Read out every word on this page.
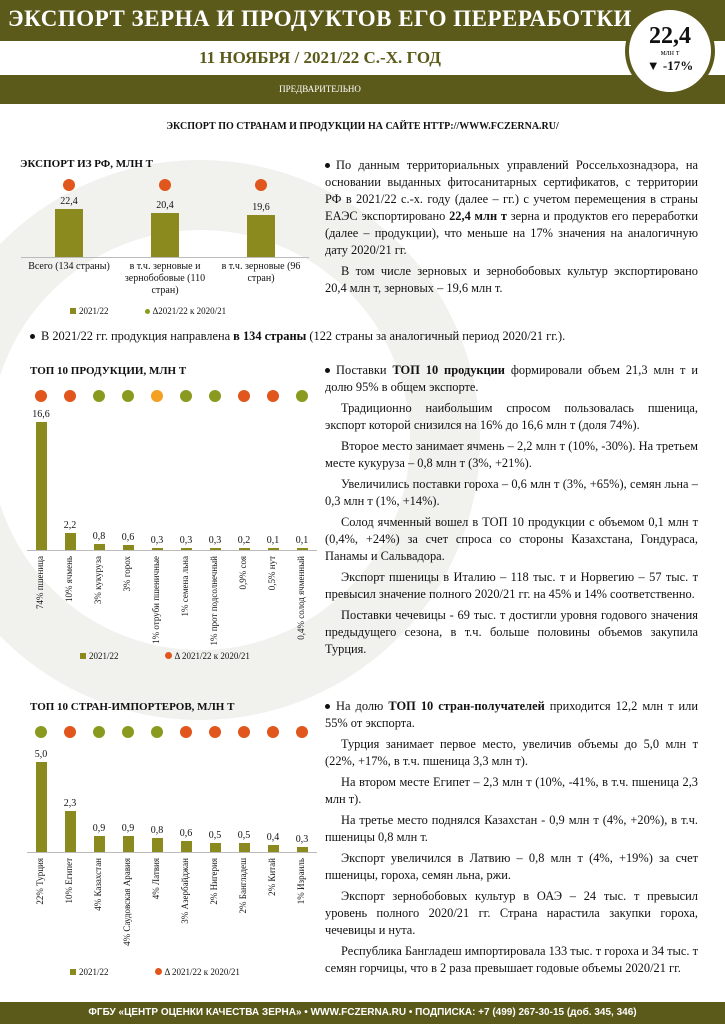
ЭКСПОРТ ЗЕРНА И ПРОДУКТОВ ЕГО ПЕРЕРАБОТКИ
11 НОЯБРЯ / 2021/22 С.-Х. ГОД
ПРЕДВАРИТЕЛЬНО
22,4
млн т
▼ -17%
ЭКСПОРТ ПО СТРАНАМ И ПРОДУКЦИИ НА САЙТЕ HTTP://WWW.FCZERNA.RU/
ЭКСПОРТ ИЗ РФ, МЛН Т
2021/22	Δ2021/22 к 2020/21

По данным территориальных управлений Россельхознадзора, на основании выданных фитосанитарных сертификатов, с территории РФ в 2021/22 с.-х. году (далее – гг.) с учетом перемещения в страны ЕАЭС экспортировано 22,4 млн т зерна и продуктов его переработки (далее – продукции), что меньше на 17% значения на аналогичную дату 2020/21 гг.

В том числе зерновых и зернобобовых культур экспортировано 20,4 млн т, зерновых – 19,6 млн т.

В 2021/22 гг. продукция направлена в 134 страны (122 страны за аналогичный период 2020/21 гг.).
ТОП 10 ПРОДУКЦИИ, МЛН Т
2021/22	Δ 2021/22 к 2020/21

Поставки ТОП 10 продукции формировали объем 21,3 млн т и долю 95% в общем экспорте.

Традиционно наибольшим спросом пользовалась пшеница, экспорт которой снизился на 16% до 16,6 млн т (доля 74%).

Второе место занимает ячмень – 2,2 млн т (10%, -30%). На третьем месте кукуруза – 0,8 млн т (3%, +21%).

Увеличились поставки гороха – 0,6 млн т (3%, +65%), семян льна – 0,3 млн т (1%, +14%).

Солод ячменный вошел в ТОП 10 продукции с объемом 0,1 млн т (0,4%, +24%) за счет спроса со стороны Казахстана, Гондураса, Панамы и Сальвадора.

Экспорт пшеницы в Италию – 118 тыс. т и Норвегию – 57 тыс. т превысил значение полного 2020/21 гг. на 45% и 14% соответственно.

Поставки чечевицы - 69 тыс. т достигли уровня годового значения предыдущего сезона, в т.ч. больше половины объемов закупила Турция.

ТОП 10 СТРАН-ИМПОРТЕРОВ, МЛН Т
2021/22	Δ 2021/22 к 2020/21

На долю ТОП 10 стран-получателей приходится 12,2 млн т или 55% от экспорта.

Турция занимает первое место, увеличив объемы до 5,0 млн т (22%, +17%, в т.ч. пшеница 3,3 млн т).

На втором месте Египет – 2,3 млн т (10%, -41%, в т.ч. пшеница 2,3 млн т).

На третье место поднялся Казахстан - 0,9 млн т (4%, +20%), в т.ч. пшеницы 0,8 млн т.

Экспорт увеличился в Латвию – 0,8 млн т (4%, +19%) за счет пшеницы, гороха, семян льна, ржи.

Экспорт зернобобовых культур в ОАЭ – 24 тыс. т превысил уровень полного 2020/21 гг. Страна нарастила закупки гороха, чечевицы и нута.

Республика Бангладеш импортировала 133 тыс. т гороха и 34 тыс. т семян горчицы, что в 2 раза превышает годовые объемы 2020/21 гг.

ФГБУ «ЦЕНТР ОЦЕНКИ КАЧЕСТВА ЗЕРНА» • WWW.FCZERNA.RU • ПОДПИСКА: +7 (499) 267-30-15 (доб. 345, 346)
22,4
Всего (134 страны)
20,4
в т.ч. зерновые и зернобобовые (110 стран)
19,6
в т.ч. зерновые (96 стран)
16,6
74% пшеница
2,2
10% ячмень
0,8
3% кукуруза
0,6
3% горох
0,3
1% отруби пшеничные
0,3
1% семена льна
0,3
1% прот подсолнечный
0,2
0,9% соя
0,1
0,5% нут
0,1
0,4% солод ячменный
5,0
22% Турция
2,3
10% Египет
0,9
4% Казахстан
0,9
4% Саудовская Аравия
0,8
4% Латвия
0,6
3% Азербайджан
0,5
2% Нигерия
0,5
2% Бангладеш
0,4
2% Китай
0,3
1% Израиль
